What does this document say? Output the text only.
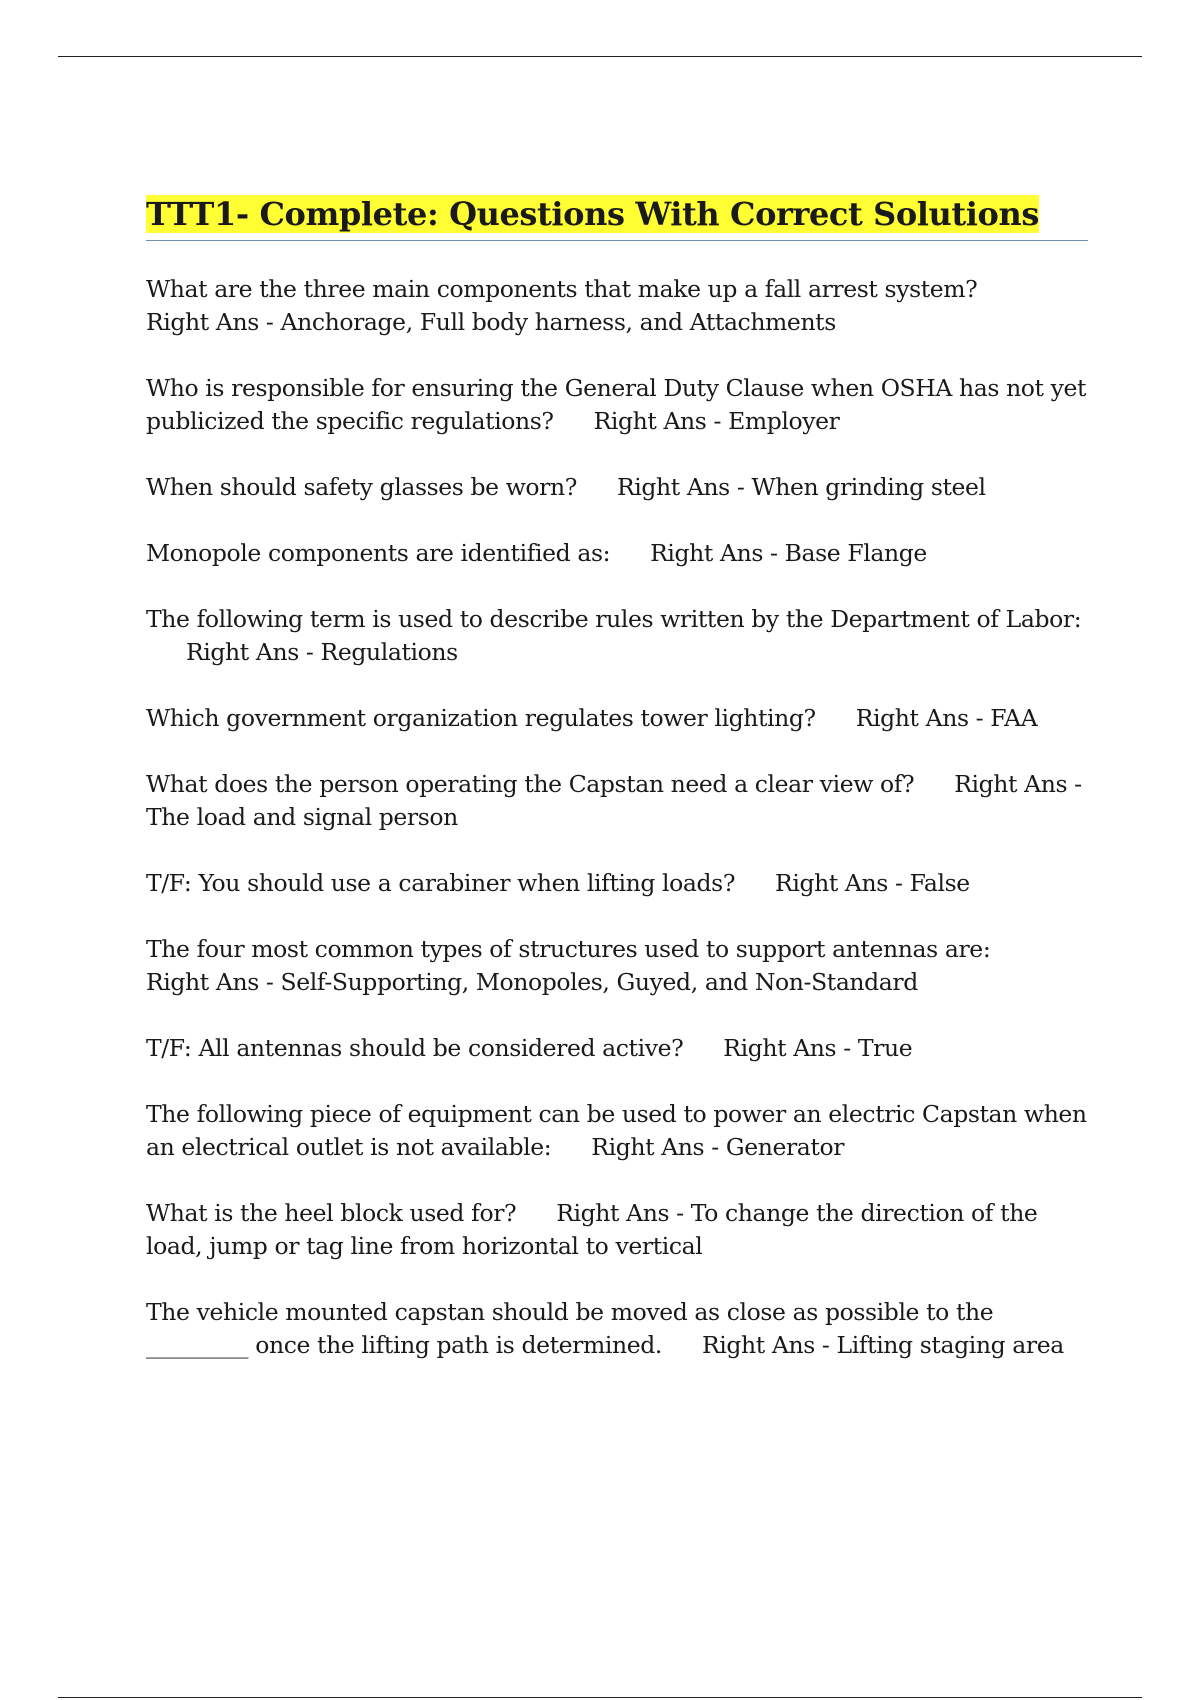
TTT1- Complete: Questions With Correct Solutions

What are the three main components that make up a fall arrest system?
Right Ans - Anchorage, Full body harness, and Attachments

Who is responsible for ensuring the General Duty Clause when OSHA has not yet publicized the specific regulations? Right Ans - Employer

When should safety glasses be worn? Right Ans - When grinding steel

Monopole components are identified as: Right Ans - Base Flange

The following term is used to describe rules written by the Department of Labor:Right Ans - Regulations

Which government organization regulates tower lighting? Right Ans - FAA

What does the person operating the Capstan need a clear view of? Right Ans - The load and signal person

T/F: You should use a carabiner when lifting loads? Right Ans - False

The four most common types of structures used to support antennas are:
Right Ans - Self-Supporting, Monopoles, Guyed, and Non-Standard

T/F: All antennas should be considered active? Right Ans - True

The following piece of equipment can be used to power an electric Capstan when an electrical outlet is not available: Right Ans - Generator

What is the heel block used for? Right Ans - To change the direction of the load, jump or tag line from horizontal to vertical

The vehicle mounted capstan should be moved as close as possible to the _________ once the lifting path is determined. Right Ans - Lifting staging area
